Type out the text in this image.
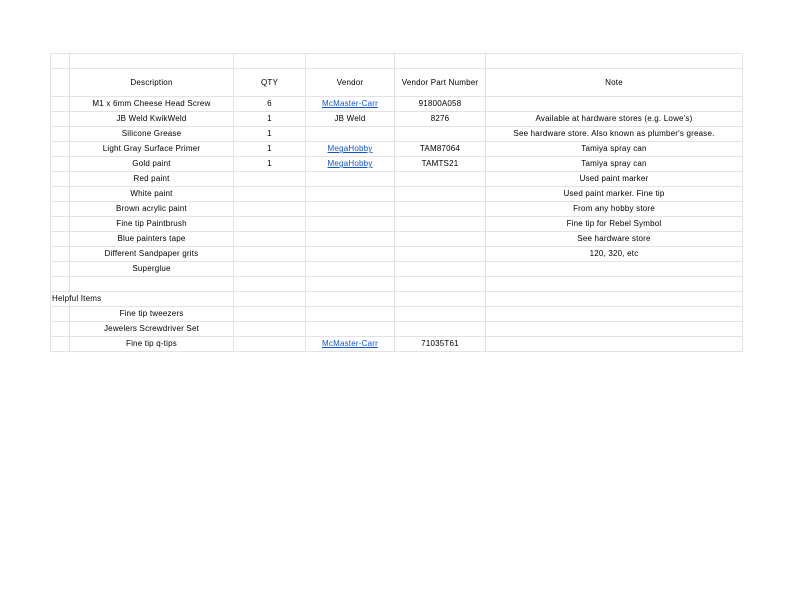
	Description	QTY	Vendor	Vendor Part Number	Note
	M1 x 6mm Cheese Head Screw	6	McMaster-Carr	91800A058	
	JB Weld KwikWeld	1	JB Weld	8276	Available at hardware stores (e.g. Lowe's)
	Silicone Grease	1			See hardware store. Also known as plumber's grease.
	Light Gray Surface Primer	1	MegaHobby	TAM87064	Tamiya spray can
	Gold paint	1	MegaHobby	TAMTS21	Tamiya spray can
	Red paint				Used paint marker
	White paint				Used paint marker. Fine tip
	Brown acrylic paint				From any hobby store
	Fine tip Paintbrush				Fine tip for Rebel Symbol
	Blue painters tape				See hardware store
	Different Sandpaper grits				120, 320, etc
	Superglue				

	Helpful Items				
	Fine tip tweezers				
	Jewelers Screwdriver Set				
	Fine tip q-tips		McMaster-Carr	71035T61	
